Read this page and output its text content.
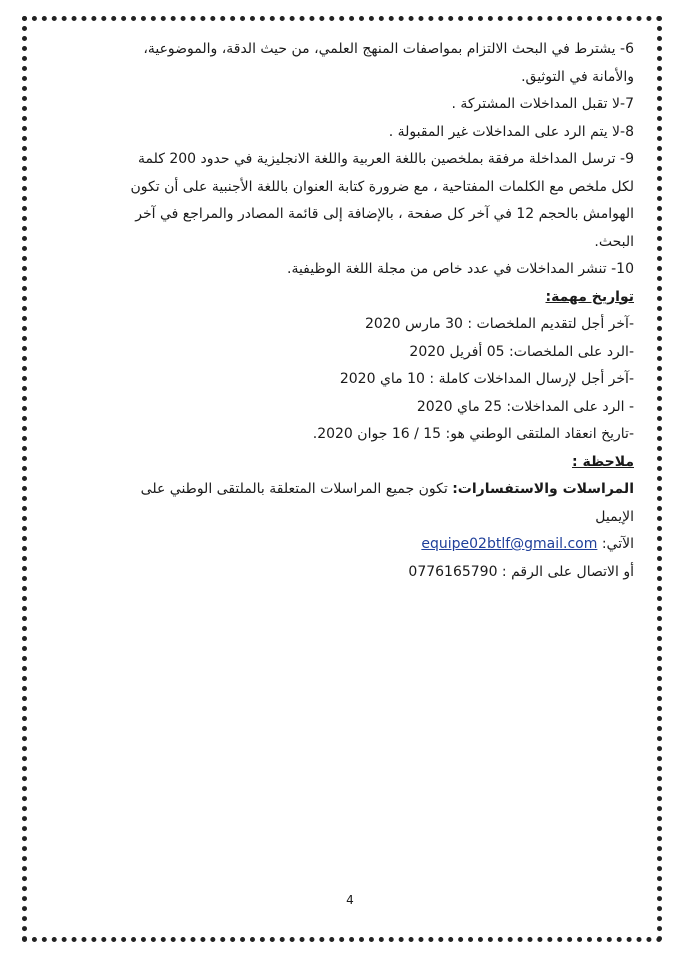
6- يشترط في البحث الالتزام بمواصفات المنهج العلمي، من حيث الدقة، والموضوعية،

والأمانة في التوثيق.

7-لا تقبل المداخلات المشتركة .

8-لا يتم الرد على المداخلات غير المقبولة .

9- ترسل المداخلة مرفقة بملخصين باللغة العربية واللغة الانجليزية في حدود 200 كلمة

لكل ملخص مع الكلمات المفتاحية ، مع ضرورة كتابة العنوان باللغة الأجنبية على أن تكون

الهوامش بالحجم 12 في آخر كل صفحة ، بالإضافة إلى قائمة المصادر والمراجع في آخر

البحث.

10- تنشر المداخلات في عدد خاص من مجلة اللغة الوظيفية.

تواريخ مهمة:

-آخر أجل لتقديم الملخصات : 30 مارس 2020

-الرد على الملخصات: 05 أفريل 2020

-آخر أجل لإرسال المداخلات كاملة : 10 ماي 2020

- الرد على المداخلات: 25 ماي 2020

-تاريخ انعقاد الملتقى الوطني هو: 15 / 16 جوان 2020.

ملاحظة :

المراسلات والاستفسارات: تكون جميع المراسلات المتعلقة بالملتقى الوطني على الإيميل

الآتي: equipe02btlf@gmail.com

أو الاتصال على الرقم : 0776165790

4
